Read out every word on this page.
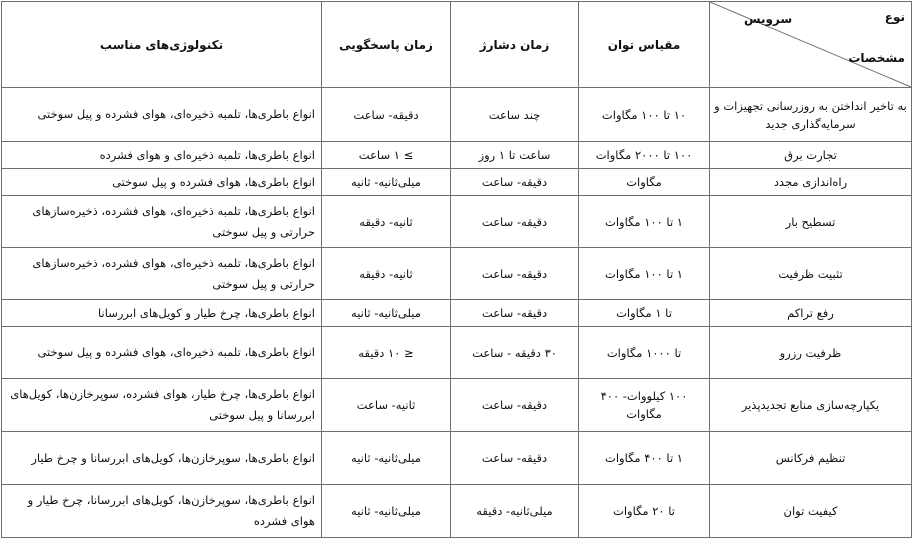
سرویس نوع
مشخصات	مقیاس توان	زمان دشارژ	زمان پاسخگویی	تکنولوژی‌های مناسب
به تاخیر انداختن به روزرسانی تجهیزات و سرمایه‌گذاری جدید	۱۰ تا ۱۰۰ مگاوات	چند ساعت	دقیقه- ساعت	انواع باطری‌ها، تلمبه ذخیره‌ای، هوای فشرده و پیل سوختی
تجارت برق	۱۰۰ تا ۲۰۰۰ مگاوات	ساعت تا ۱ روز	≥ ۱ ساعت	انواع باطری‌ها، تلمبه ذخیره‌ای و هوای فشرده
راه‌اندازی مجدد	مگاوات	دقیقه- ساعت	میلی‌ثانیه- ثانیه	انواع باطری‌ها، هوای فشرده و پیل سوختی
تسطیح بار	۱ تا ۱۰۰ مگاوات	دقیقه- ساعت	ثانیه- دقیقه	انواع باطری‌ها، تلمبه ذخیره‌ای، هوای فشرده، ذخیره‌سازهای حرارتی و پیل سوختی
تثبیت ظرفیت	۱ تا ۱۰۰ مگاوات	دقیقه- ساعت	ثانیه- دقیقه	انواع باطری‌ها، تلمبه ذخیره‌ای، هوای فشرده، ذخیره‌سازهای حرارتی و پیل سوختی
رفع تراکم	تا ۱ مگاوات	دقیقه- ساعت	میلی‌ثانیه- ثانیه	انواع باطری‌ها، چرخ طیار و کویل‌های ابررسانا
ظرفیت رزرو	تا ۱۰۰۰ مگاوات	۳۰ دقیقه - ساعت	≤ ۱۰ دقیقه	انواع باطری‌ها، تلمبه ذخیره‌ای، هوای فشرده و پیل سوختی
یکپارچه‌سازی منابع تجدیدپذیر	۱۰۰ کیلووات- ۴۰۰ مگاوات	دقیقه- ساعت	ثانیه- ساعت	انواع باطری‌ها، چرخ طیار، هوای فشرده، سوپرخازن‌ها، کویل‌های ابررسانا و پیل سوختی
تنظیم فرکانس	۱ تا ۴۰۰ مگاوات	دقیقه- ساعت	میلی‌ثانیه- ثانیه	انواع باطری‌ها، سوپرخازن‌ها، کویل‌های ابررسانا و چرخ طیار
کیفیت توان	تا ۲۰ مگاوات	میلی‌ثانیه- دقیقه	میلی‌ثانیه- ثانیه	انواع باطری‌ها، سوپرخازن‌ها، کویل‌های ابررسانا، چرخ طیار و هوای فشرده
